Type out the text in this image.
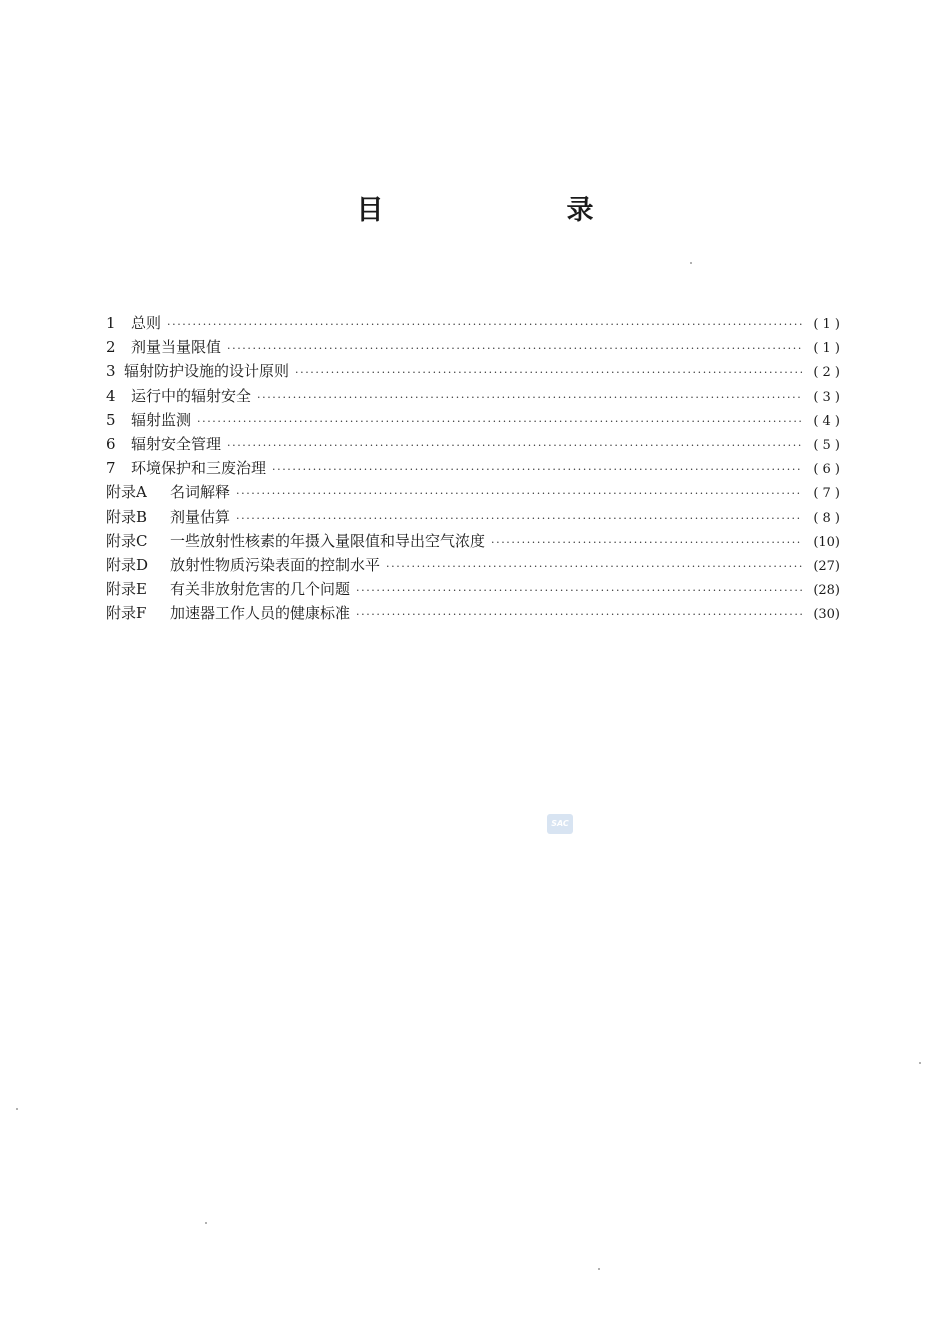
目　录
1	总则 ·····	( 1 )
2	剂量当量限值 ·····	( 1 )
3 辐射防护设施的设计原则 ·····	( 2 )
4	运行中的辐射安全 ·····	( 3 )
5	辐射监测 ·····	( 4 )
6	辐射安全管理 ·····	( 5 )
7	环境保护和三废治理 ·····	( 6 )
附录A	名词解释 ·····	( 7 )
附录B	剂量估算 ·····	( 8 )
附录C	一些放射性核素的年摄入量限值和导出空气浓度 ·····	(10)
附录D	放射性物质污染表面的控制水平 ·····	(27)
附录E	有关非放射危害的几个问题 ·····	(28)
附录F	加速器工作人员的健康标准 ·····	(30)
SAC
